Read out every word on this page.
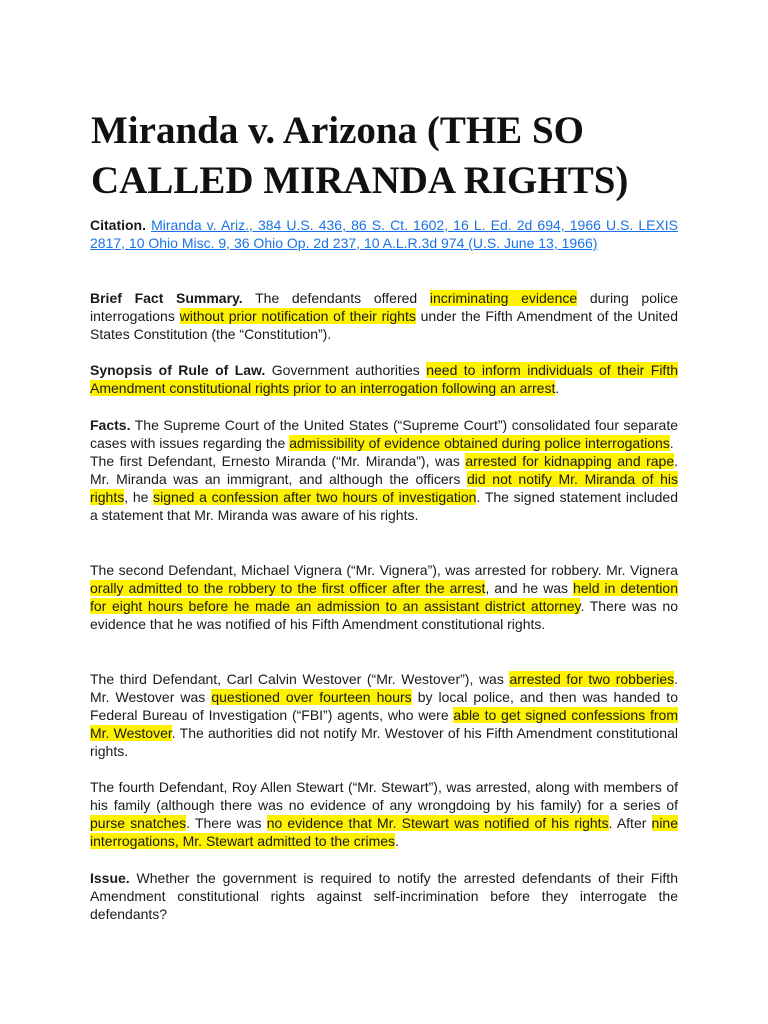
Miranda v. Arizona (THE SO CALLED MIRANDA RIGHTS)
Citation. Miranda v. Ariz., 384 U.S. 436, 86 S. Ct. 1602, 16 L. Ed. 2d 694, 1966 U.S. LEXIS 2817, 10 Ohio Misc. 9, 36 Ohio Op. 2d 237, 10 A.L.R.3d 974 (U.S. June 13, 1966)
Brief Fact Summary. The defendants offered incriminating evidence during police interrogations without prior notification of their rights under the Fifth Amendment of the United States Constitution (the “Constitution”).
Synopsis of Rule of Law. Government authorities need to inform individuals of their Fifth Amendment constitutional rights prior to an interrogation following an arrest.
Facts. The Supreme Court of the United States (“Supreme Court”) consolidated four separate cases with issues regarding the admissibility of evidence obtained during police interrogations.
The first Defendant, Ernesto Miranda (“Mr. Miranda”), was arrested for kidnapping and rape. Mr. Miranda was an immigrant, and although the officers did not notify Mr. Miranda of his rights, he signed a confession after two hours of investigation. The signed statement included a statement that Mr. Miranda was aware of his rights.
The second Defendant, Michael Vignera (“Mr. Vignera”), was arrested for robbery. Mr. Vignera orally admitted to the robbery to the first officer after the arrest, and he was held in detention for eight hours before he made an admission to an assistant district attorney. There was no evidence that he was notified of his Fifth Amendment constitutional rights.
The third Defendant, Carl Calvin Westover (“Mr. Westover”), was arrested for two robberies. Mr. Westover was questioned over fourteen hours by local police, and then was handed to Federal Bureau of Investigation (“FBI”) agents, who were able to get signed confessions from Mr. Westover. The authorities did not notify Mr. Westover of his Fifth Amendment constitutional rights.
The fourth Defendant, Roy Allen Stewart (“Mr. Stewart”), was arrested, along with members of his family (although there was no evidence of any wrongdoing by his family) for a series of purse snatches. There was no evidence that Mr. Stewart was notified of his rights. After nine interrogations, Mr. Stewart admitted to the crimes.
Issue. Whether the government is required to notify the arrested defendants of their Fifth Amendment constitutional rights against self-incrimination before they interrogate the defendants?
